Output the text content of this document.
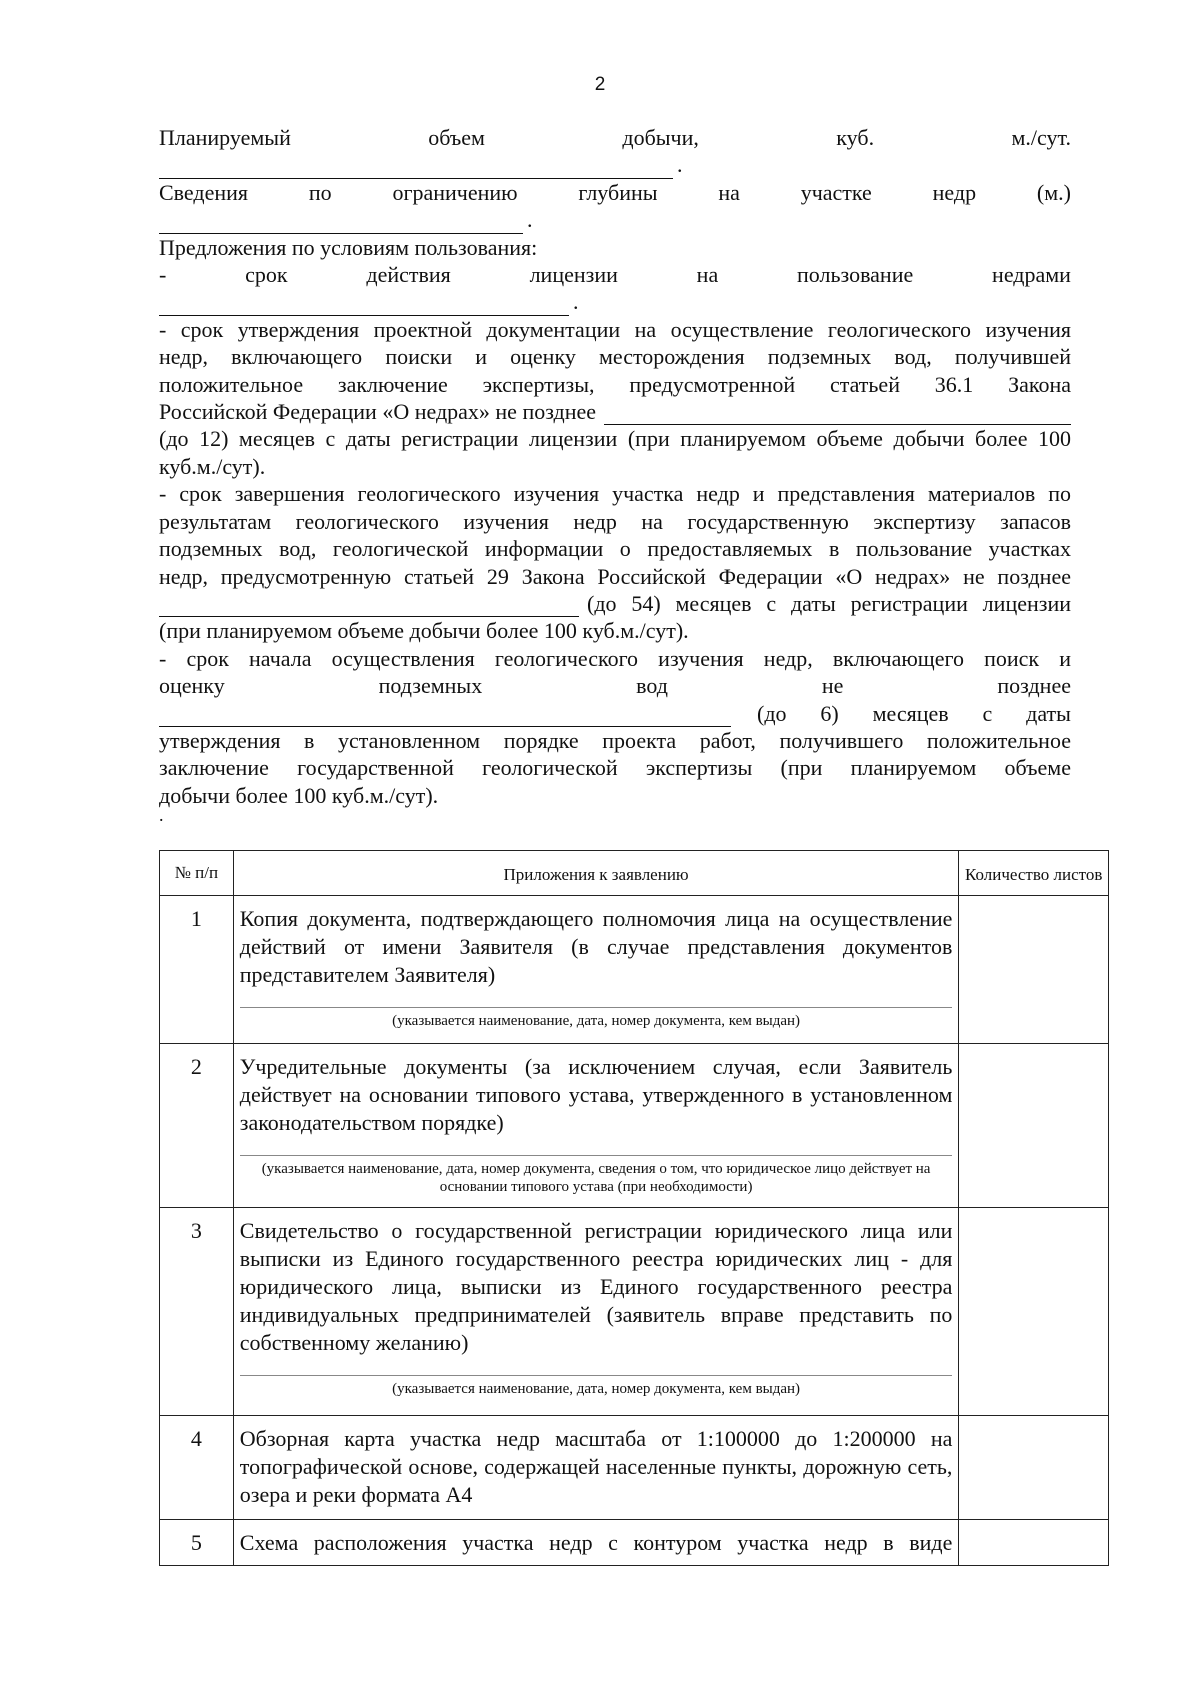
2
Планируемый	объем	добычи,	куб.	м./сут.
.
Сведения	по	ограничению	глубины	на	участке	недр	(м.)
.

Предложения по условиям пользования:

-	срок	действия	лицензии	на	пользование	недрами
.
- срок утверждения проектной документации на осуществление геологического изучения
недр, включающего поиски и оценку месторождения подземных вод, получившей
положительное заключение экспертизы, предусмотренной статьей 36.1 Закона
Российской Федерации «О недрах» не позднее
(до 12) месяцев с даты регистрации лицензии (при планируемом объеме добычи более 100 куб.м./сут).
- срок завершения геологического изучения участка недр и представления материалов по
результатам геологического изучения недр на государственную экспертизу запасов
подземных вод, геологической информации о предоставляемых в пользование участках
недр, предусмотренную статьей 29 Закона Российской Федерации «О недрах» не позднее
(до 54) месяцев с даты регистрации лицензии
(при планируемом объеме добычи более 100 куб.м./сут).
- срок начала осуществления геологического изучения недр, включающего поиск и
оценку	подземных	вод	не	позднее
(до 6) месяцев с даты
утверждения в установленном порядке проекта работ, получившего положительное
заключение государственной геологической экспертизы (при планируемом объеме
добычи более 100 куб.м./сут).
.
№ п/п	Приложения к заявлению	Количество листов
1	Копия документа, подтверждающего полномочия лица на осуществление действий от имени Заявителя (в случае представления документов представителем Заявителя)
(указывается наименование, дата, номер документа, кем выдан)	

2	Учредительные документы (за исключением случая, если Заявитель действует на основании типового устава, утвержденного в установленном законодательством порядке)
(указывается наименование, дата, номер документа, сведения о том, что юридическое лицо действует на основании типового устава (при необходимости)	

3	Свидетельство о государственной регистрации юридического лица или выписки из Единого государственного реестра юридических лиц - для юридического лица, выписки из Единого государственного реестра индивидуальных предпринимателей (заявитель вправе представить по собственному желанию)
(указывается наименование, дата, номер документа, кем выдан)	

4	Обзорная карта участка недр масштаба от 1:100000 до 1:200000 на топографической основе, содержащей населенные пункты, дорожную сеть, озера и реки формата А4	

5	Схема расположения участка недр с контуром участка недр в виде	
